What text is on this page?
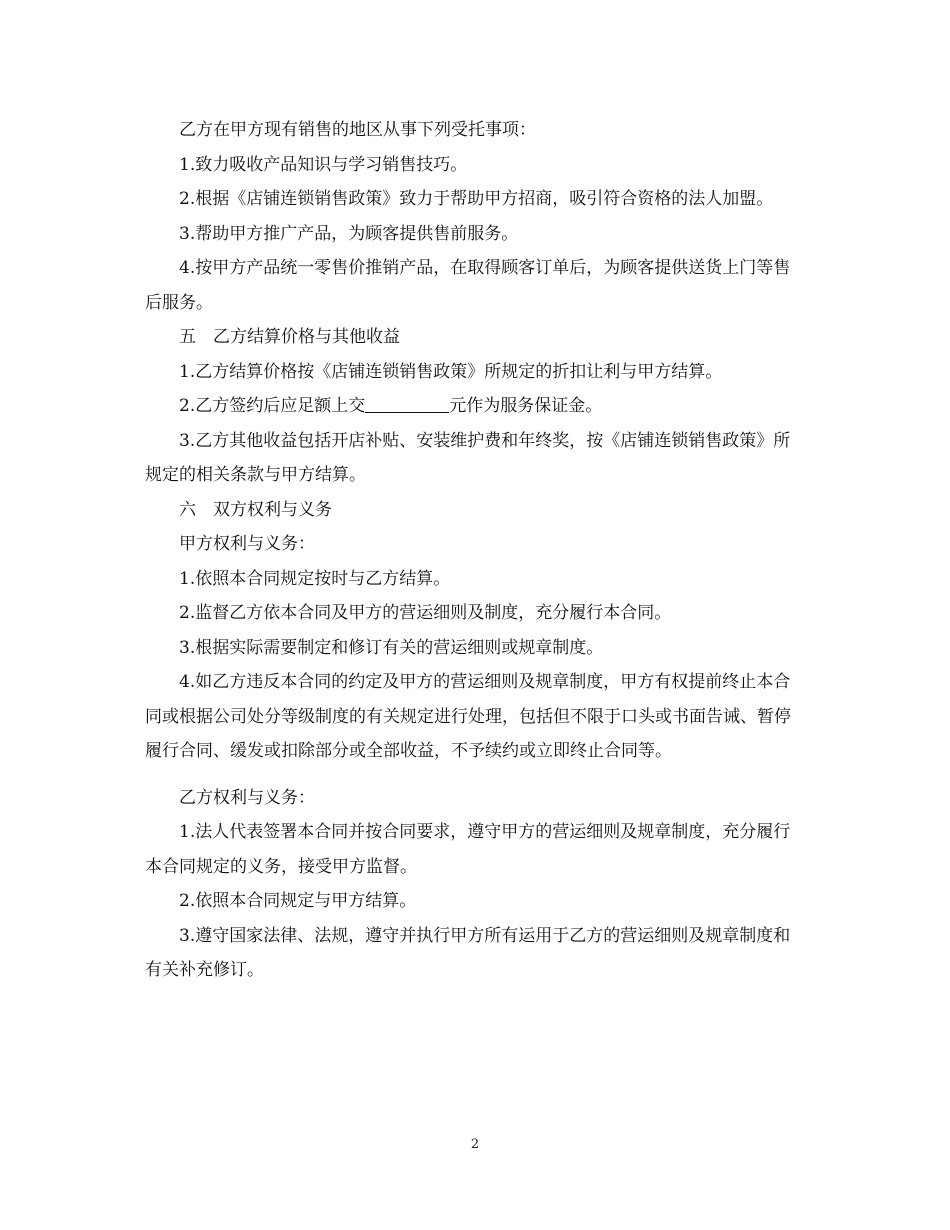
乙方在甲方现有销售的地区从事下列受托事项：

1.致力吸收产品知识与学习销售技巧。

2.根据《店铺连锁销售政策》致力于帮助甲方招商，吸引符合资格的法人加盟。

3.帮助甲方推广产品，为顾客提供售前服务。

4.按甲方产品统一零售价推销产品，在取得顾客订单后，为顾客提供送货上门等售后服务。

五　乙方结算价格与其他收益

1.乙方结算价格按《店铺连锁销售政策》所规定的折扣让利与甲方结算。

2.乙方签约后应足额上交	元作为服务保证金。

3.乙方其他收益包括开店补贴、安装维护费和年终奖，按《店铺连锁销售政策》所规定的相关条款与甲方结算。

六　双方权利与义务

甲方权利与义务：

1.依照本合同规定按时与乙方结算。

2.监督乙方依本合同及甲方的营运细则及制度，充分履行本合同。

3.根据实际需要制定和修订有关的营运细则或规章制度。

4.如乙方违反本合同的约定及甲方的营运细则及规章制度，甲方有权提前终止本合同或根据公司处分等级制度的有关规定进行处理，包括但不限于口头或书面告诫、暂停履行合同、缓发或扣除部分或全部收益，不予续约或立即终止合同等。

乙方权利与义务：

1.法人代表签署本合同并按合同要求，遵守甲方的营运细则及规章制度，充分履行本合同规定的义务，接受甲方监督。

2.依照本合同规定与甲方结算。

3.遵守国家法律、法规，遵守并执行甲方所有运用于乙方的营运细则及规章制度和有关补充修订。

2
